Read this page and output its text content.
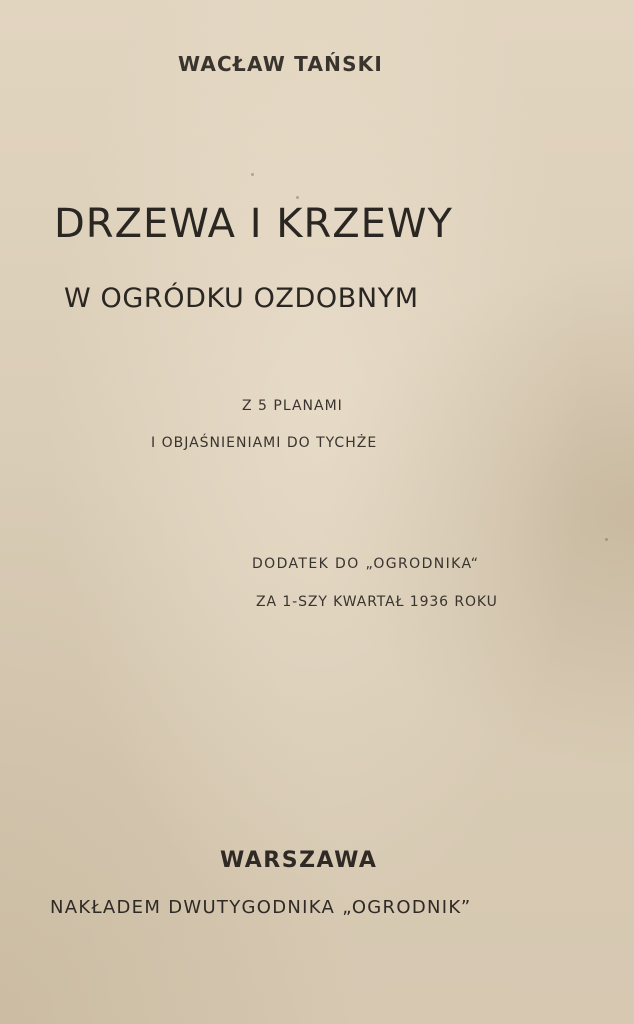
WACŁAW TAŃSKI

DRZEWA I KRZEWY
W OGRÓDKU OZDOBNYM

Z 5 PLANAMI

I OBJAŚNIENIAMI DO TYCHŻE

DODATEK DO „OGRODNIKA“

ZA 1-SZY KWARTAŁ 1936 ROKU

WARSZAWA

NAKŁADEM DWUTYGODNIKA „OGRODNIK”
